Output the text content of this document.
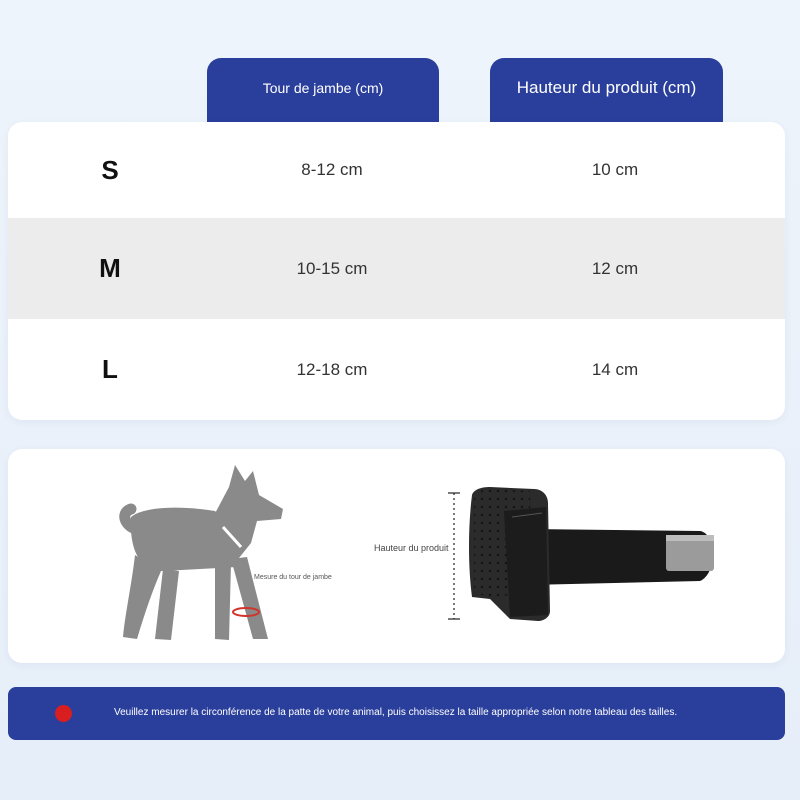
Tour de jambe (cm)	Hauteur du produit (cm)
S	8-12 cm	10 cm
M	10-15 cm	12 cm
L	12-18 cm	14 cm
Mesure du tour de jambe
Hauteur du produit
Veuillez mesurer la circonférence de la patte de votre animal, puis choisissez la taille appropriée selon notre tableau des tailles.
